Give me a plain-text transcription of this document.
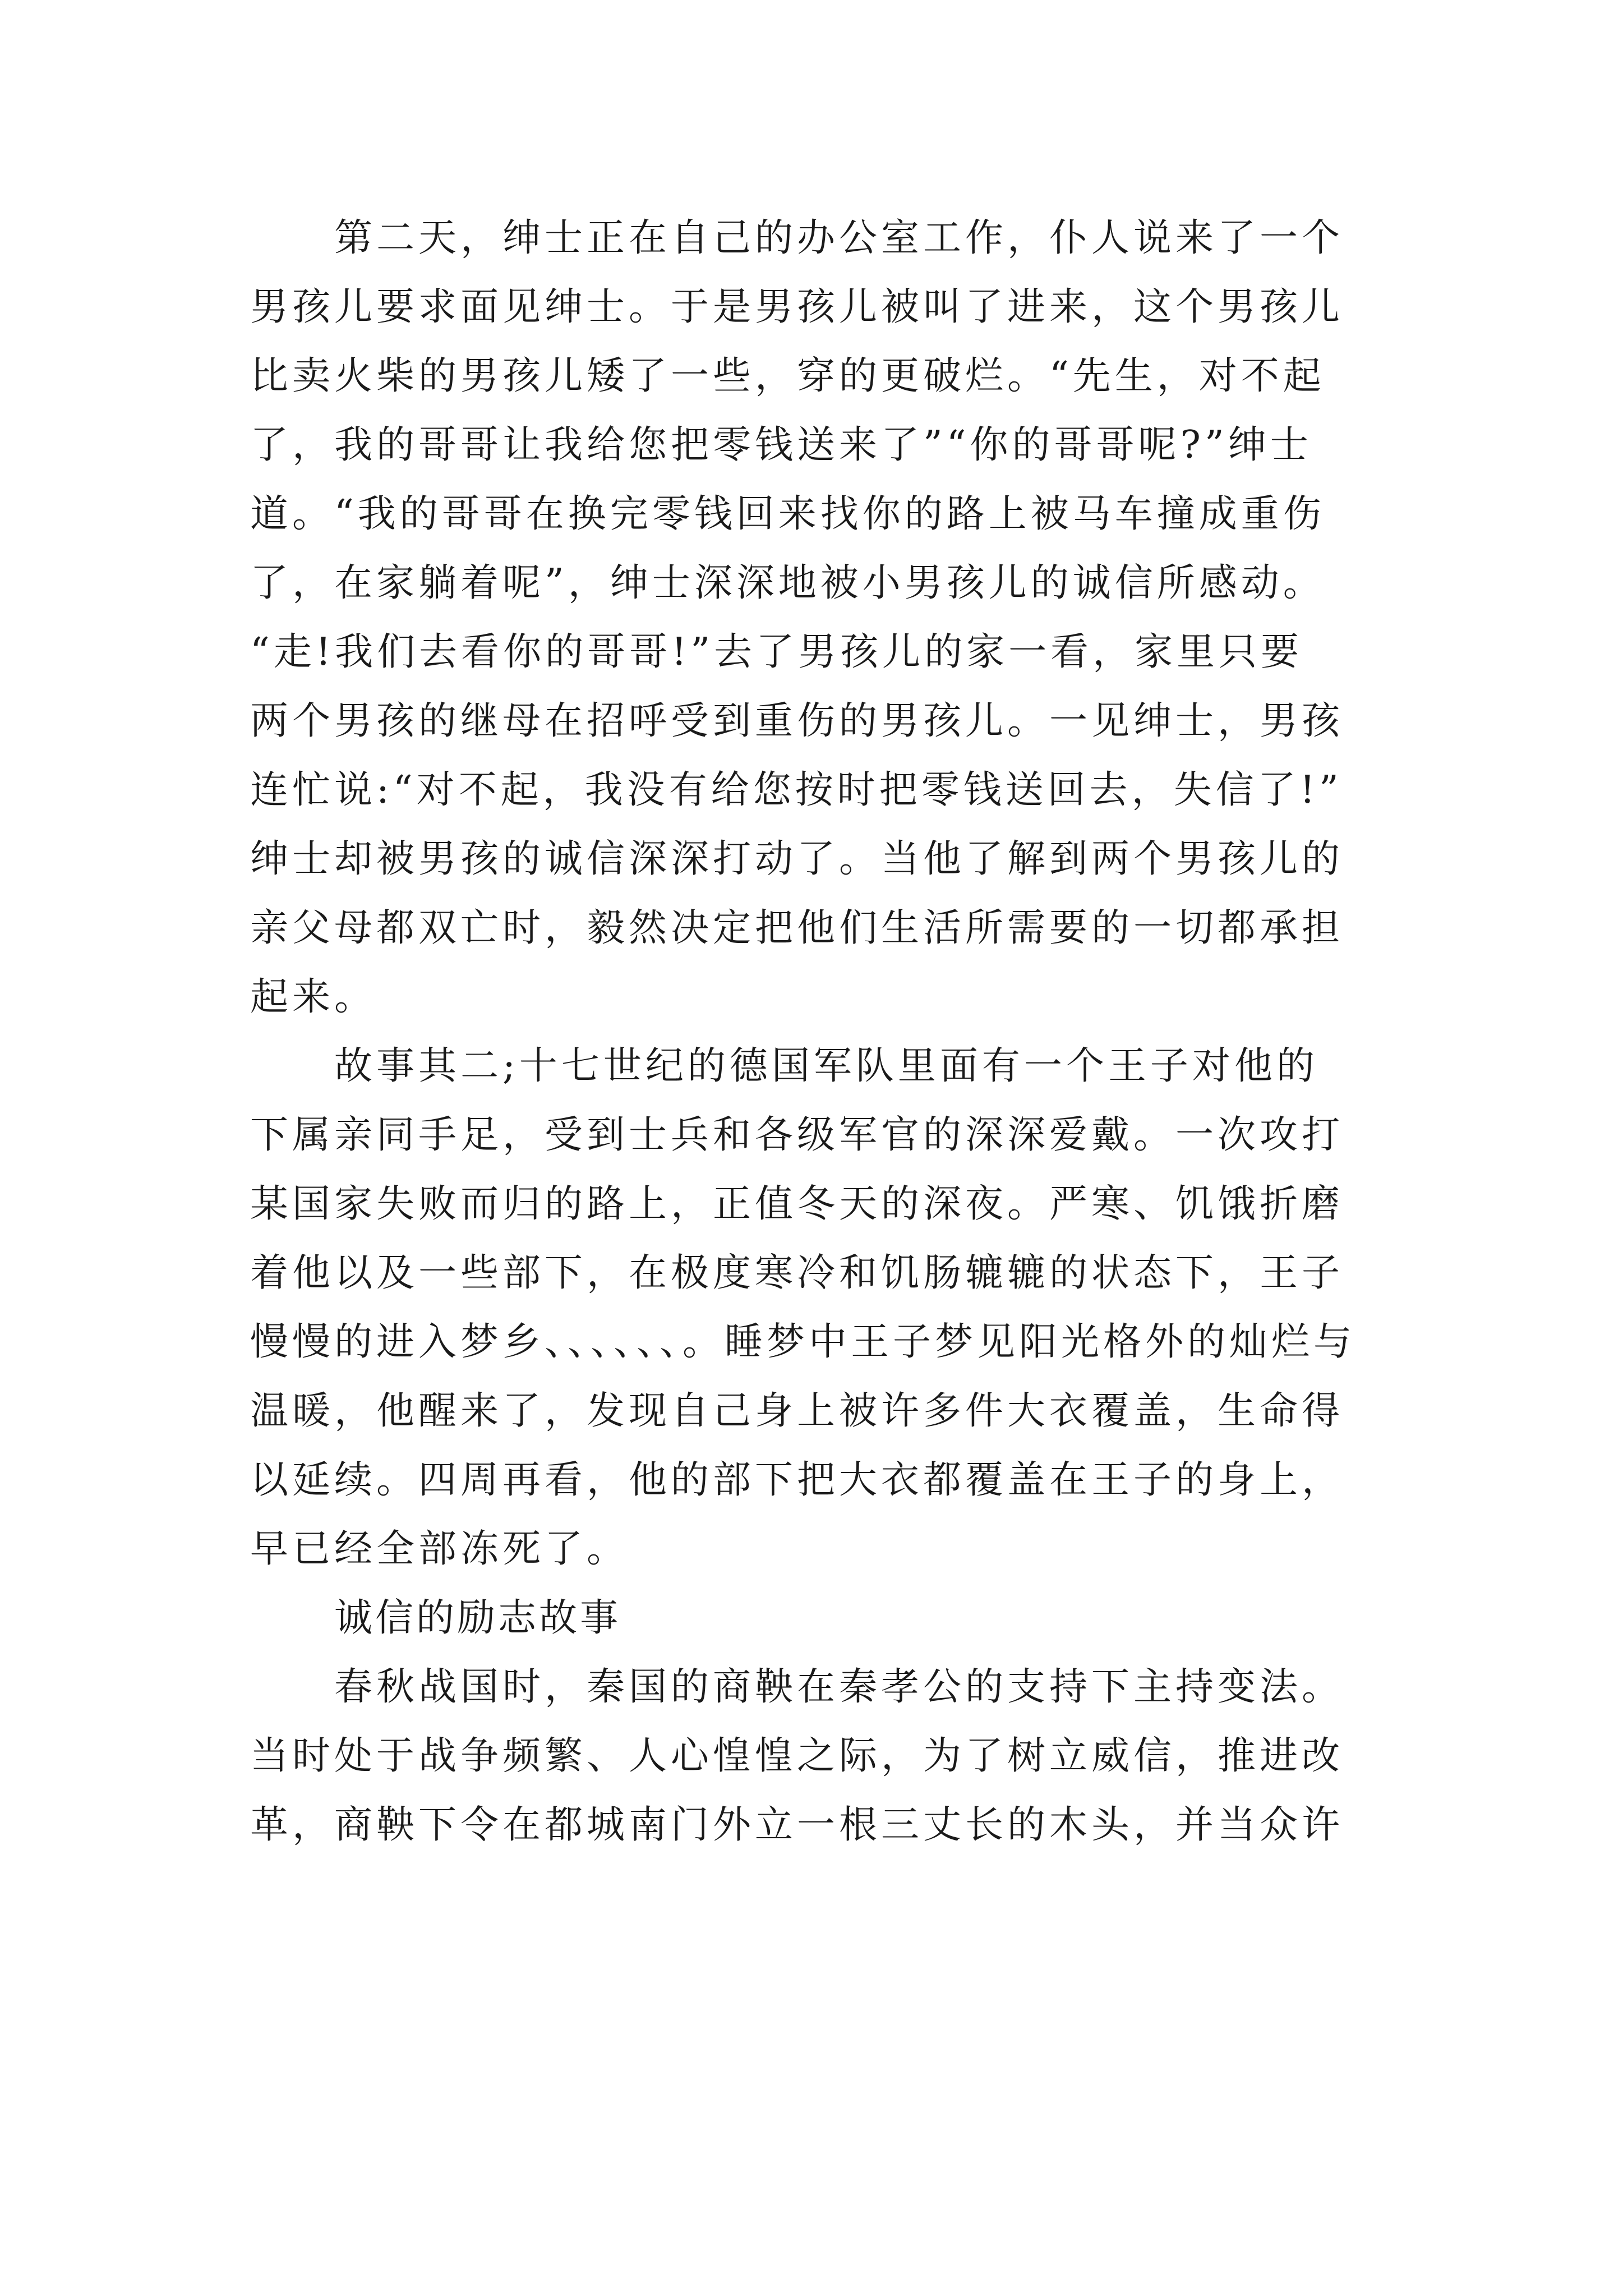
第二天，绅士正在自己的办公室工作，仆人说来了一个
男孩儿要求面见绅士。于是男孩儿被叫了进来，这个男孩儿
比卖火柴的男孩儿矮了一些，穿的更破烂。“先生，对不起
了，我的哥哥让我给您把零钱送来了”“你的哥哥呢?”绅士
道。“我的哥哥在换完零钱回来找你的路上被马车撞成重伤
了，在家躺着呢”，绅士深深地被小男孩儿的诚信所感动。
“走!我们去看你的哥哥!”去了男孩儿的家一看，家里只要
两个男孩的继母在招呼受到重伤的男孩儿。一见绅士，男孩
连忙说:“对不起，我没有给您按时把零钱送回去，失信了!”
绅士却被男孩的诚信深深打动了。当他了解到两个男孩儿的
亲父母都双亡时，毅然决定把他们生活所需要的一切都承担
起来。
故事其二;十七世纪的德国军队里面有一个王子对他的
下属亲同手足，受到士兵和各级军官的深深爱戴。一次攻打
某国家失败而归的路上，正值冬天的深夜。严寒、饥饿折磨
着他以及一些部下，在极度寒冷和饥肠辘辘的状态下，王子
慢慢的进入梦乡、、、、、、。睡梦中王子梦见阳光格外的灿烂与
温暖，他醒来了，发现自己身上被许多件大衣覆盖，生命得
以延续。四周再看，他的部下把大衣都覆盖在王子的身上，
早已经全部冻死了。
诚信的励志故事
春秋战国时，秦国的商鞅在秦孝公的支持下主持变法。
当时处于战争频繁、人心惶惶之际，为了树立威信，推进改
革，商鞅下令在都城南门外立一根三丈长的木头，并当众许
